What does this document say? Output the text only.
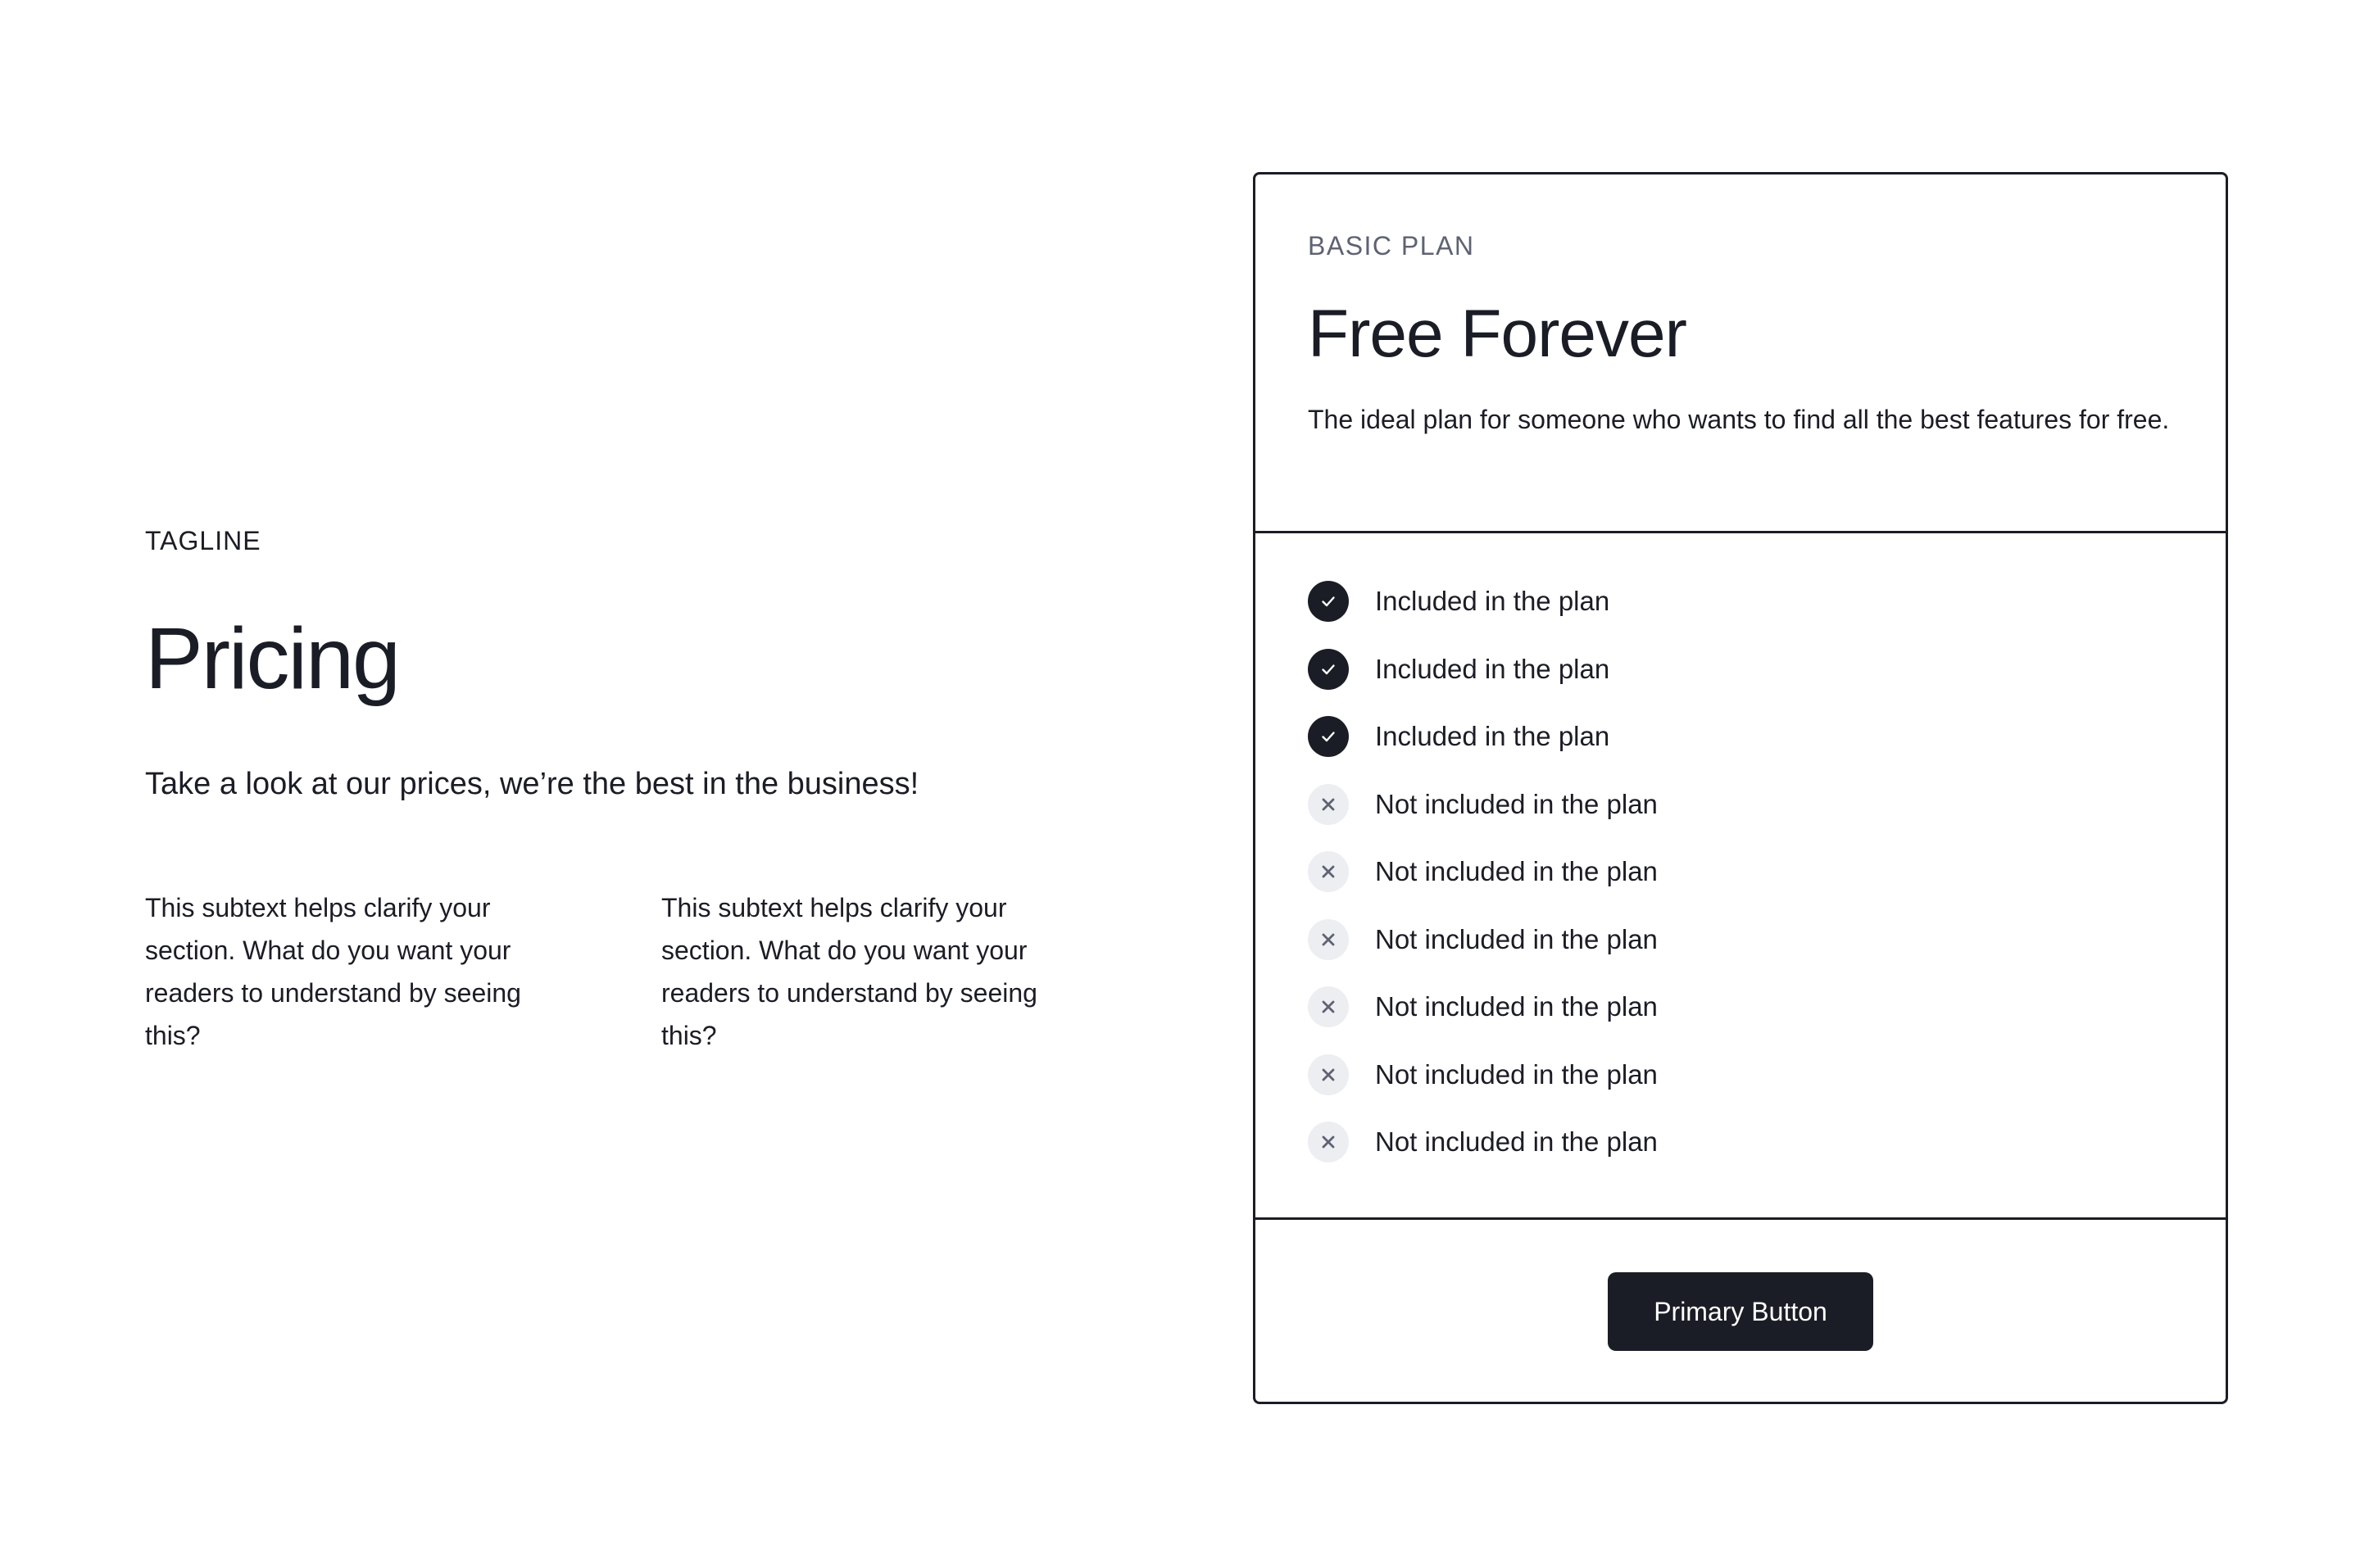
TAGLINE
Pricing

Take a look at our prices, we’re the best in the business!

This subtext helps clarify your section. What do you want your readers to understand by seeing this?

This subtext helps clarify your section. What do you want your readers to understand by seeing this?

BASIC PLAN
Free Forever

The ideal plan for someone who wants to find all the best features for free.

Included in the plan
Included in the plan
Included in the plan
Not included in the plan
Not included in the plan
Not included in the plan
Not included in the plan
Not included in the plan
Not included in the plan
Primary Button
